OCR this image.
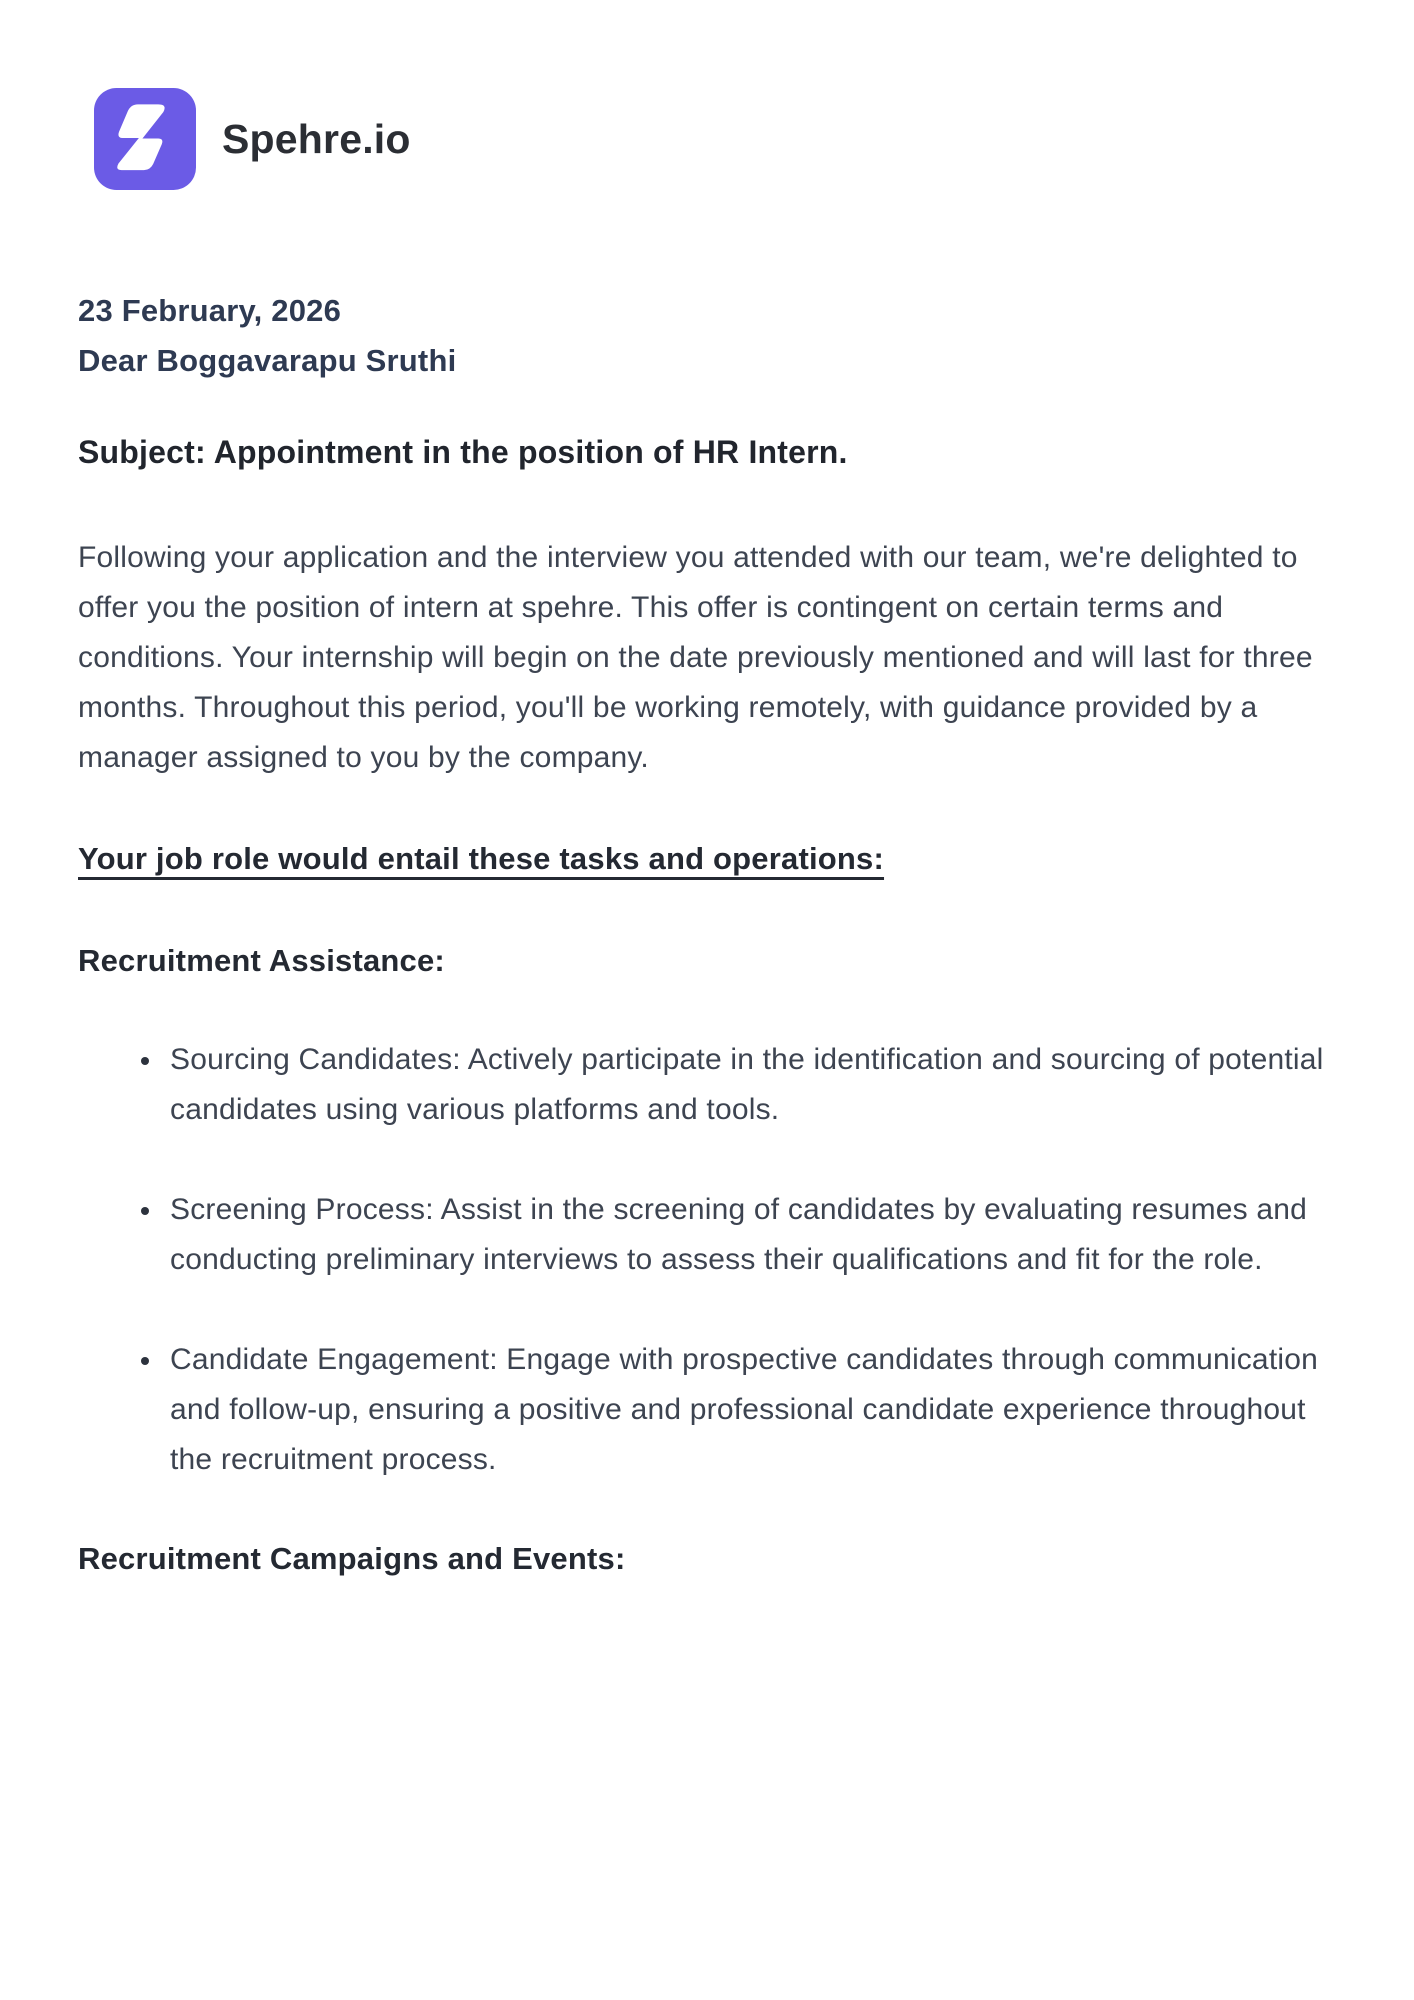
Spehre.io
23 February, 2026
Dear Boggavarapu Sruthi
Subject: Appointment in the position of HR Intern.

Following your application and the interview you attended with our team, we're delighted to offer you the position of intern at spehre. This offer is contingent on certain terms and conditions. Your internship will begin on the date previously mentioned and will last for three months. Throughout this period, you'll be working remotely, with guidance provided by a manager assigned to you by the company.

Your job role would entail these tasks and operations:
Recruitment Assistance:
• Sourcing Candidates: Actively participate in the identification and sourcing of potential candidates using various platforms and tools.
• Screening Process: Assist in the screening of candidates by evaluating resumes and conducting preliminary interviews to assess their qualifications and fit for the role.
• Candidate Engagement: Engage with prospective candidates through communication and follow-up, ensuring a positive and professional candidate experience throughout the recruitment process.
Recruitment Campaigns and Events:
